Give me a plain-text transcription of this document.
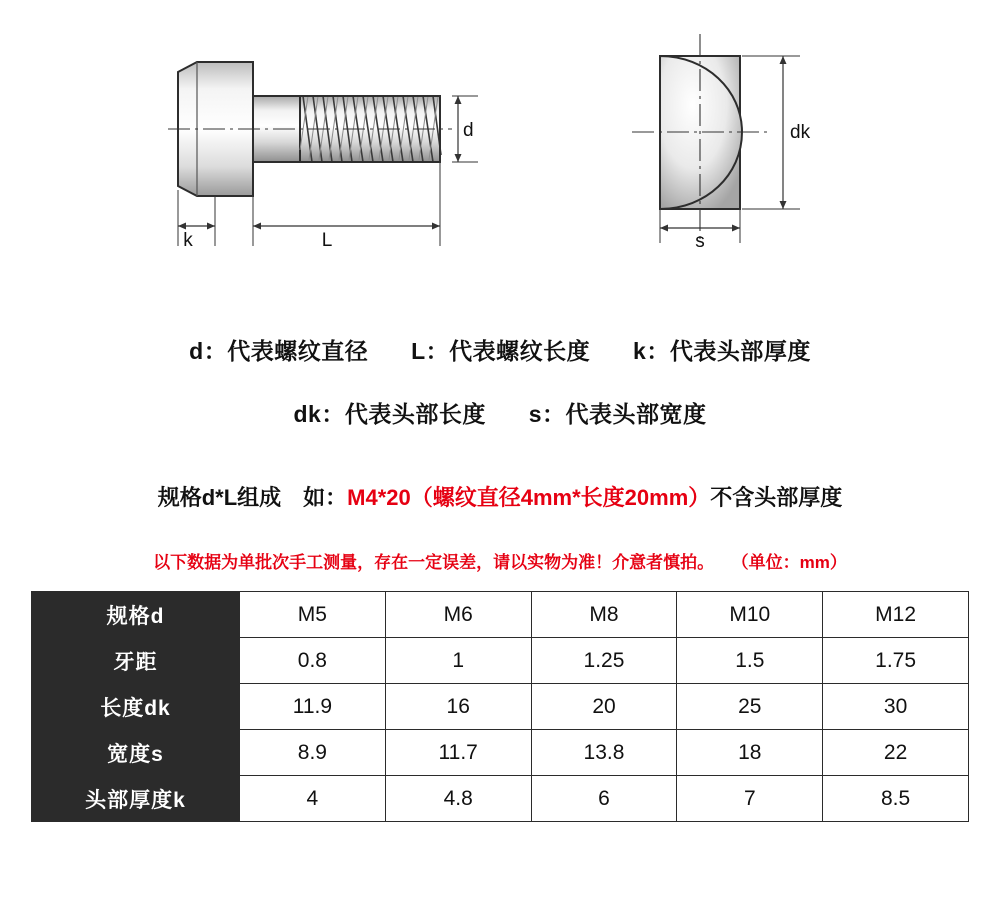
d
k	L
dk
s
d：代表螺纹直径 L：代表螺纹长度 k：代表头部厚度
dk：代表头部长度 s：代表头部宽度
规格d*L组成　如：M4*20（螺纹直径4mm*长度20mm）不含头部厚度
以下数据为单批次手工测量，存在一定误差，请以实物为准！介意者慎拍。 （单位：mm）
规格d	M5	M6	M8	M10	M12
牙距	0.8	1	1.25	1.5	1.75
长度dk	11.9	16	20	25	30
宽度s	8.9	11.7	13.8	18	22
头部厚度k	4	4.8	6	7	8.5
